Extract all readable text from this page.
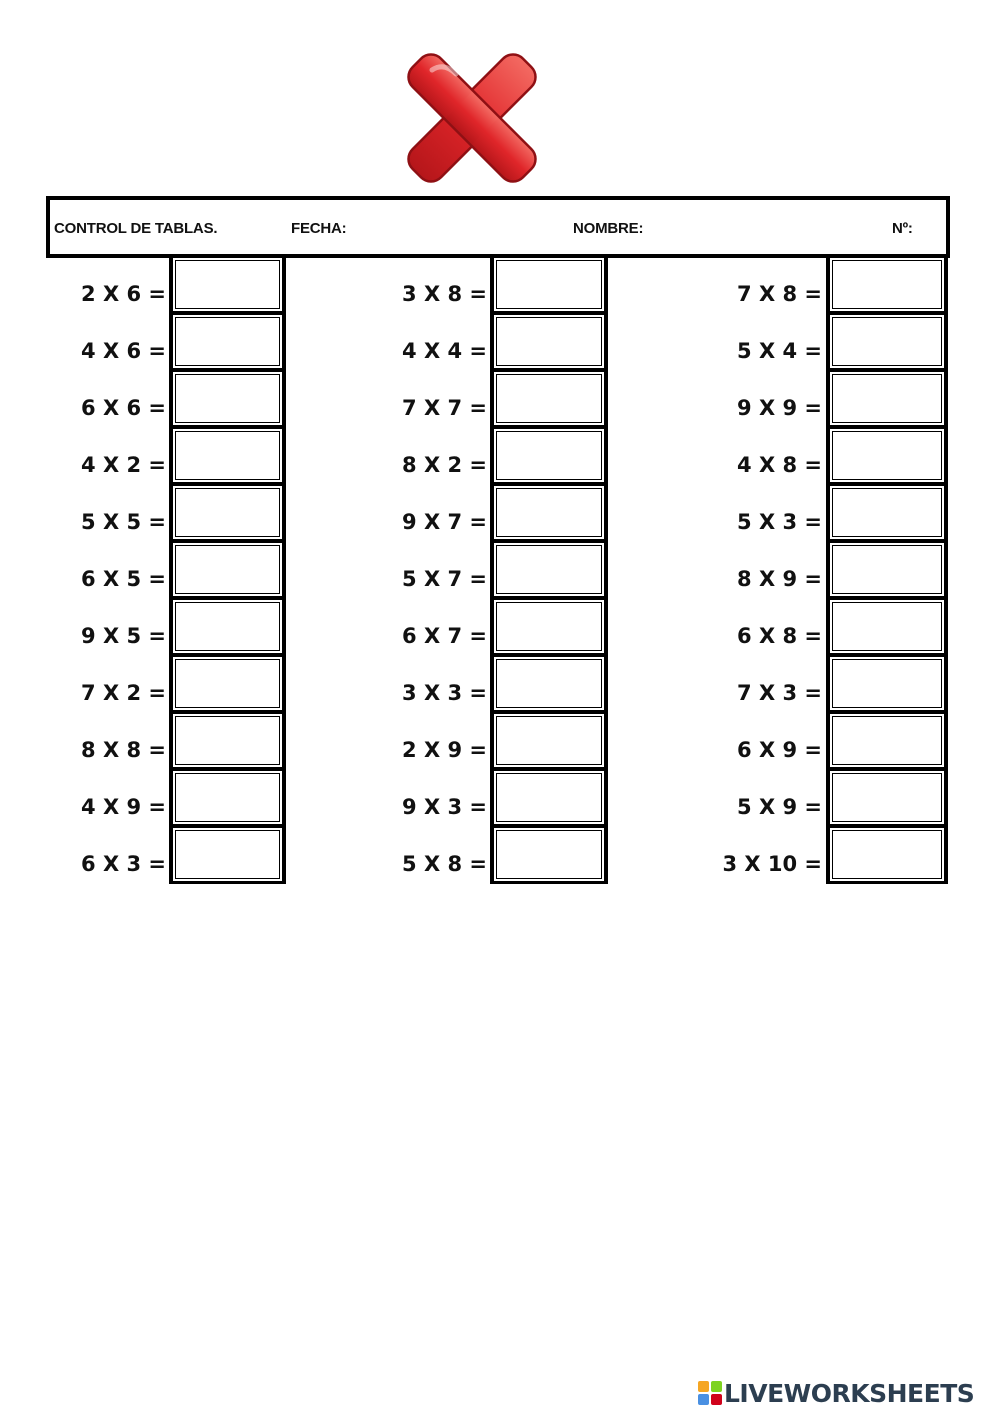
CONTROL DE TABLAS.	FECHA:	NOMBRE:	Nº:
2 X 6 =
4 X 6 =
6 X 6 =
4 X 2 =
5 X 5 =
6 X 5 =
9 X 5 =
7 X 2 =
8 X 8 =
4 X 9 =
6 X 3 =
3 X 8 =
4 X 4 =
7 X 7 =
8 X 2 =
9 X 7 =
5 X 7 =
6 X 7 =
3 X 3 =
2 X 9 =
9 X 3 =
5 X 8 =
7 X 8 =
5 X 4 =
9 X 9 =
4 X 8 =
5 X 3 =
8 X 9 =
6 X 8 =
7 X 3 =
6 X 9 =
5 X 9 =
3 X 10 =
LIVEWORKSHEETS
